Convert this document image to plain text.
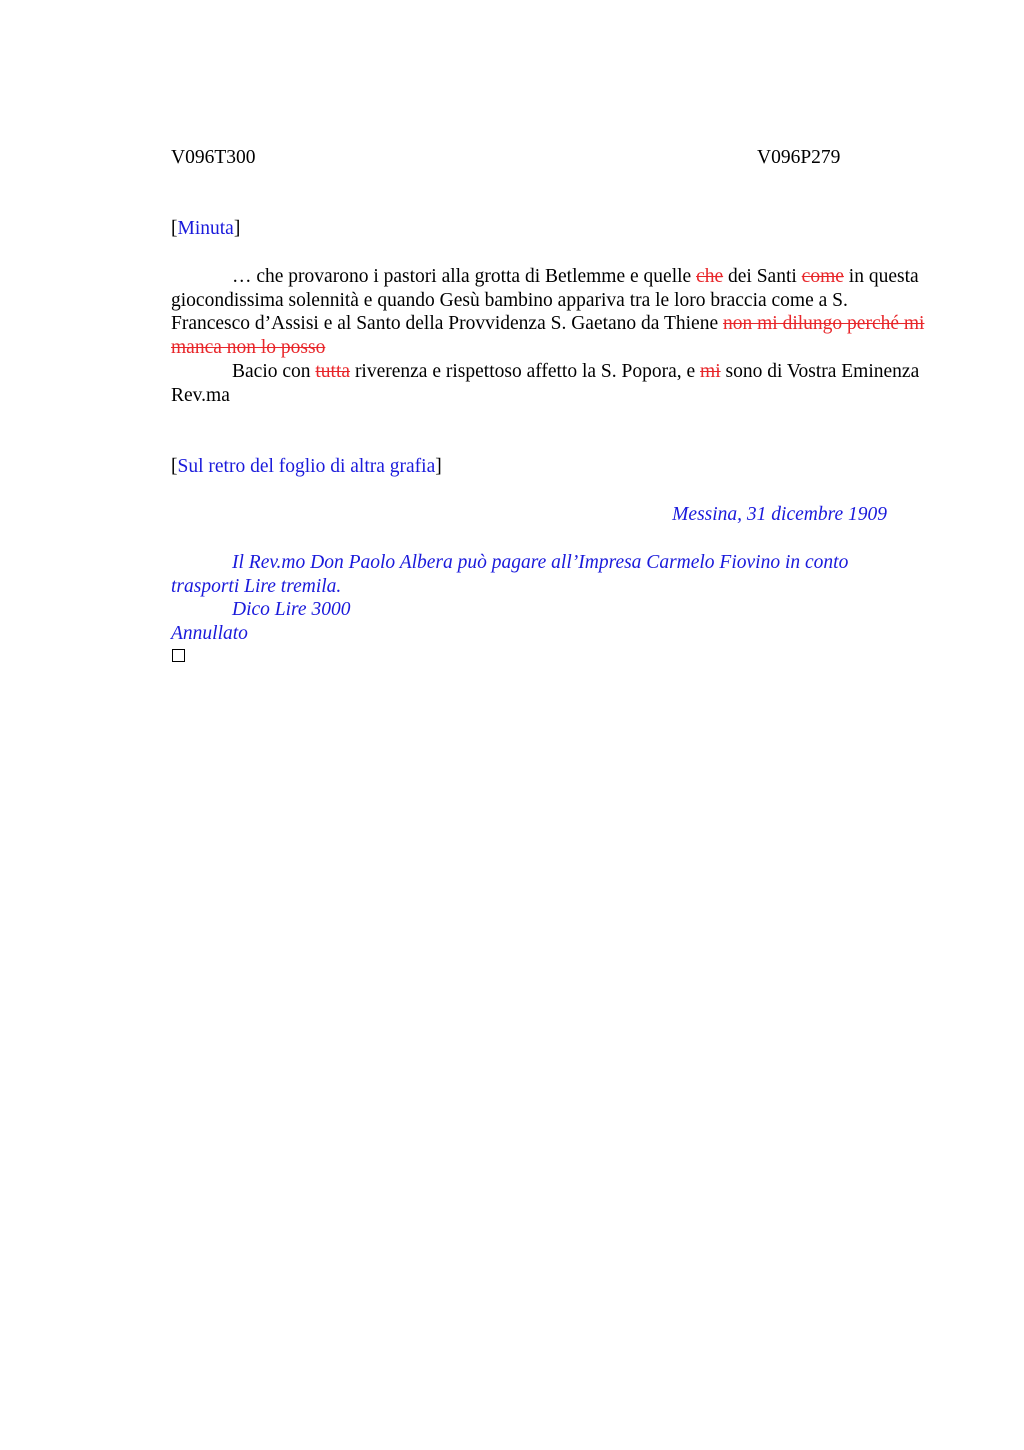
V096T300	V096P279
[Minuta]

… che provarono i pastori alla grotta di Betlemme e quelle che dei Santi come in questa giocondissima solennità e quando Gesù bambino appariva tra le loro braccia come a S. Francesco d’Assisi e al Santo della Provvidenza S. Gaetano da Thiene non mi dilungo perché mi manca non lo posso

Bacio con tutta riverenza e rispettoso affetto la S. Popora, e mi sono di Vostra Eminenza Rev.ma

[Sul retro del foglio di altra grafia]
Messina, 31 dicembre 1909

Il Rev.mo Don Paolo Albera può pagare all’Impresa Carmelo Fiovino in conto trasporti Lire tremila.

Dico Lire 3000

Annullato
